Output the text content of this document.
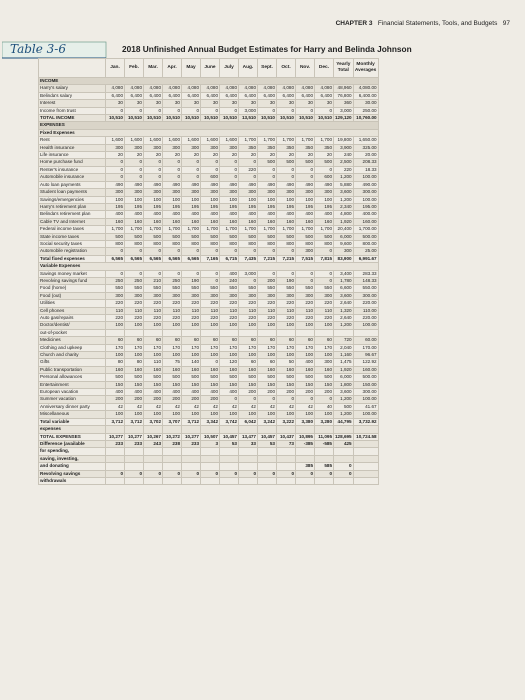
CHAPTER 3 Financial Statements, Tools, and Budgets 97
Table 3-6	2018 Unfinished Annual Budget Estimates for Harry and Belinda Johnson
	Jan.	Feb.	Mar.	Apr.	May	June	July	Aug.	Sept.	Oct.	Nov.	Dec.	Yearly Total	Monthly Averages
INCOME														
Harry's salary	4,080	4,080	4,080	4,080	4,080	4,080	4,080	4,080	4,080	4,080	4,080	4,080	48,960	4,080.00
Belinda's salary	6,400	6,400	6,400	6,400	6,400	6,400	6,400	6,400	6,400	6,400	6,400	6,400	76,800	6,400.00
Interest	30	30	30	30	30	30	30	30	30	30	30	30	360	30.00
Income from trust	0	0	0	0	0	0	0	3,000	0	0	0	0	3,000	250.00
TOTAL INCOME	10,510	10,510	10,510	10,510	10,510	10,510	10,510	13,510	10,510	10,510	10,510	10,510	129,120	10,760.00
EXPENSES														
Fixed Expenses														
Rent	1,600	1,600	1,600	1,600	1,600	1,600	1,600	1,700	1,700	1,700	1,700	1,700	19,800	1,650.00
Health insurance	300	300	300	300	300	300	300	350	350	350	350	350	3,900	325.00
Life insurance	20	20	20	20	20	20	20	20	20	20	20	20	240	20.00
Home purchase fund	0	0	0	0	0	0	0	0	500	500	500	500	2,500	208.33
Renter's insurance	0	0	0	0	0	0	0	220	0	0	0	0	220	18.33
Automobile insurance	0	0	0	0	0	600	0	0	0	0	0	600	1,200	100.00
Auto loan payments	490	490	490	490	490	490	490	490	490	490	490	490	5,880	490.00
Student loan payments	300	300	300	300	300	300	300	300	300	300	300	300	3,600	300.00
Savings/emergencies	100	100	100	100	100	100	100	100	100	100	100	100	1,200	100.00
Harry's retirement plan	195	195	195	195	195	195	195	195	195	195	195	195	2,340	195.00
Belinda's retirement plan	400	400	400	400	400	400	400	400	400	400	400	400	4,800	400.00
Cable TV and Internet	160	160	160	160	160	160	160	160	160	160	160	160	1,920	160.00
Federal income taxes	1,700	1,700	1,700	1,700	1,700	1,700	1,700	1,700	1,700	1,700	1,700	1,700	20,400	1,700.00
State income taxes	500	500	500	500	500	500	500	500	500	500	500	500	6,000	500.00
Social security taxes	800	800	800	800	800	800	800	800	800	800	800	800	9,600	800.00
Automobile registration	0	0	0	0	0	0	0	0	0	0	300	0	300	25.00
Total fixed expenses	6,565	6,565	6,565	6,565	6,565	7,165	6,715	7,435	7,215	7,215	7,515	7,815	83,900	6,991.67
Variable Expenses														
Savings money market	0	0	0	0	0	0	400	3,000	0	0	0	0	3,400	283.33
Revolving savings fund	250	250	210	250	190	0	240	0	200	190	0	0	1,780	148.33
Food (home)	550	550	550	550	550	550	550	550	550	550	550	550	6,600	550.00
Food (out)	300	300	300	300	300	300	300	300	300	300	300	300	3,600	300.00
Utilities	220	220	220	220	220	220	220	220	220	220	220	220	2,640	220.00
Cell phones	110	110	110	110	110	110	110	110	110	110	110	110	1,320	110.00
Auto gas/repairs	220	220	220	220	220	220	220	220	220	220	220	220	2,640	220.00
Doctor/dentist/	100	100	100	100	100	100	100	100	100	100	100	100	1,200	100.00
out-of-pocket														
Medicines	60	60	60	60	60	60	60	60	60	60	60	60	720	60.00
Clothing and upkeep	170	170	170	170	170	170	170	170	170	170	170	170	2,040	170.00
Church and charity	100	100	100	100	100	100	100	100	100	100	100	100	1,160	96.67
Gifts	80	80	110	75	140	0	120	60	60	50	400	300	1,475	122.92
Public transportation	160	160	160	160	160	160	160	160	160	160	160	160	1,920	160.00
Personal allowances	500	500	500	500	500	500	500	500	500	500	500	500	6,000	500.00
Entertainment	150	150	150	150	150	150	150	150	150	150	150	150	1,800	150.00
European vacation	400	400	400	400	400	400	400	200	200	200	200	200	3,600	300.00
Summer vacation	200	200	200	200	200	200	0	0	0	0	0	0	1,200	100.00
Anniversary dinner party	42	42	42	42	42	42	42	42	42	42	42	40	500	41.67
Miscellaneous	100	100	100	100	100	100	100	100	100	100	100	100	1,200	100.00
Total variable	3,712	3,712	3,702	3,707	3,712	3,342	3,742	6,042	3,242	3,222	3,380	3,280	44,795	3,732.92
expenses														
TOTAL EXPENSES	10,277	10,277	10,267	10,272	10,277	10,507	10,457	13,477	10,457	10,437	10,895	11,095	128,695	10,724.58
Difference (available	233	233	243	238	233	3	53	33	53	73	-385	-585	425	
for spending,														
saving, investing,														
and donating											385	585	0	
Revolving savings	0	0	0	0	0	0	0	0	0	0	0	0	0	
withdrawals														
